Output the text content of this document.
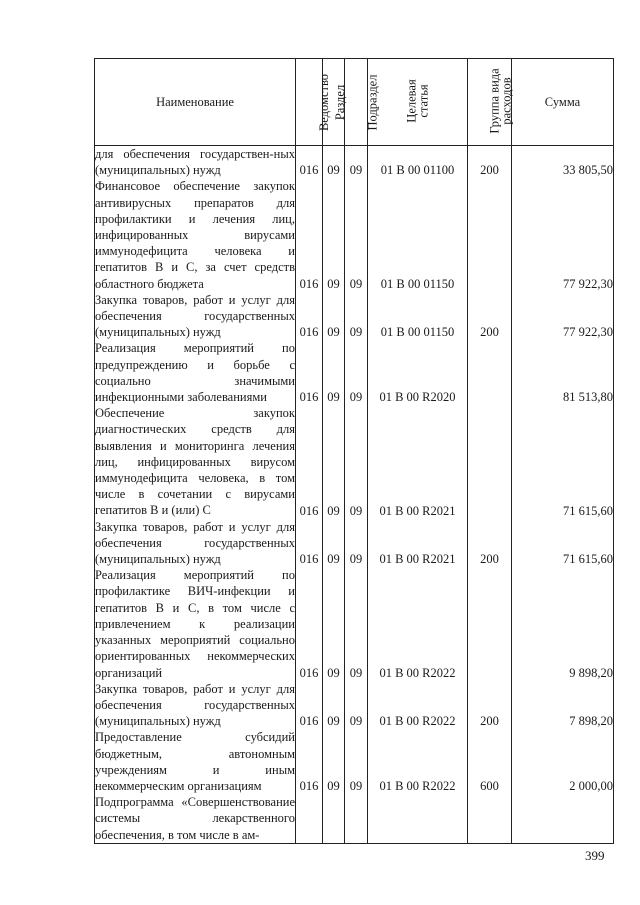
Наименование	Ведомство	Раздел	Подраздел	Целевая
статья	Группа вида
расходов	Сумма
для обеспечения государствен-ных (муниципальных) нужд	016	09	09	01 В 00 01100	200	33 805,50
Финансовое обеспечение закупок антивирусных препаратов для профилактики и лечения лиц, инфицированных вирусами иммунодефицита человека и гепатитов В и С, за счет средств областного бюджета	016	09	09	01 В 00 01150		77 922,30
Закупка товаров, работ и услуг для обеспечения государственных (муниципальных) нужд	016	09	09	01 В 00 01150	200	77 922,30
Реализация мероприятий по предупреждению и борьбе с социально значимыми инфекционными заболеваниями	016	09	09	01 В 00 R2020		81 513,80
Обеспечение закупок диагностических средств для выявления и мониторинга лечения лиц, инфицированных вирусом иммунодефицита человека, в том числе в сочетании с вирусами гепатитов В и (или) С	016	09	09	01 В 00 R2021		71 615,60
Закупка товаров, работ и услуг для обеспечения государственных (муниципальных) нужд	016	09	09	01 В 00 R2021	200	71 615,60
Реализация мероприятий по профилактике ВИЧ-инфекции и гепатитов В и С, в том числе с привлечением к реализации указанных мероприятий социально ориентированных некоммерческих организаций	016	09	09	01 В 00 R2022		9 898,20
Закупка товаров, работ и услуг для обеспечения государственных (муниципальных) нужд	016	09	09	01 В 00 R2022	200	7 898,20
Предоставление субсидий бюджетным, автономным учреждениям и иным некоммерческим организациям	016	09	09	01 В 00 R2022	600	2 000,00
Подпрограмма «Совершенствование системы лекарственного обеспечения, в том числе в ам-						
399
